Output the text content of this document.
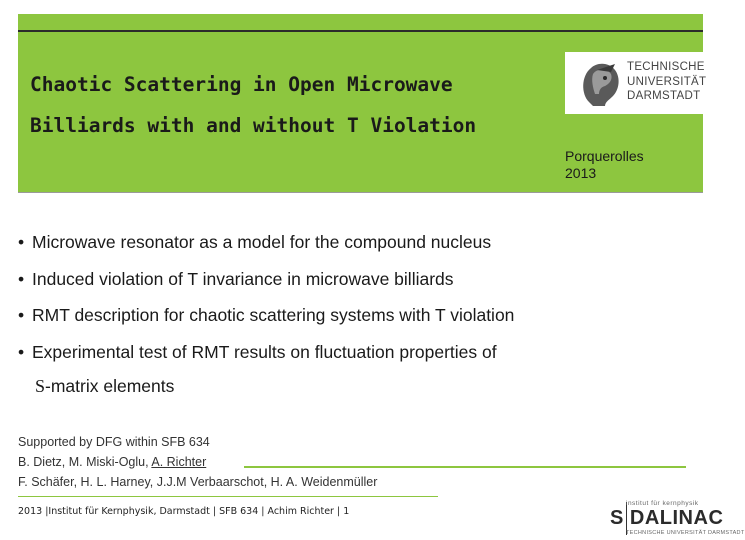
Chaotic Scattering in Open Microwave
Billiards with and without T Violation
TECHNISCHE
UNIVERSITÄT
DARMSTADT
Porquerolles
2013
• Microwave resonator as a model for the compound nucleus
• Induced violation of T invariance in microwave billiards
• RMT description for chaotic scattering systems with T violation
• Experimental test of RMT results on fluctuation properties of
S-matrix elements
Supported by DFG within SFB 634
B. Dietz, M. Miski-Oglu, A. Richter
F. Schäfer, H. L. Harney, J.J.M Verbaarschot, H. A. Weidenmüller
2013 |Institut für Kernphysik, Darmstadt | SFB 634 | Achim Richter | 1
institut für kernphysik
S DALINAC
TECHNISCHE UNIVERSITÄT DARMSTADT
